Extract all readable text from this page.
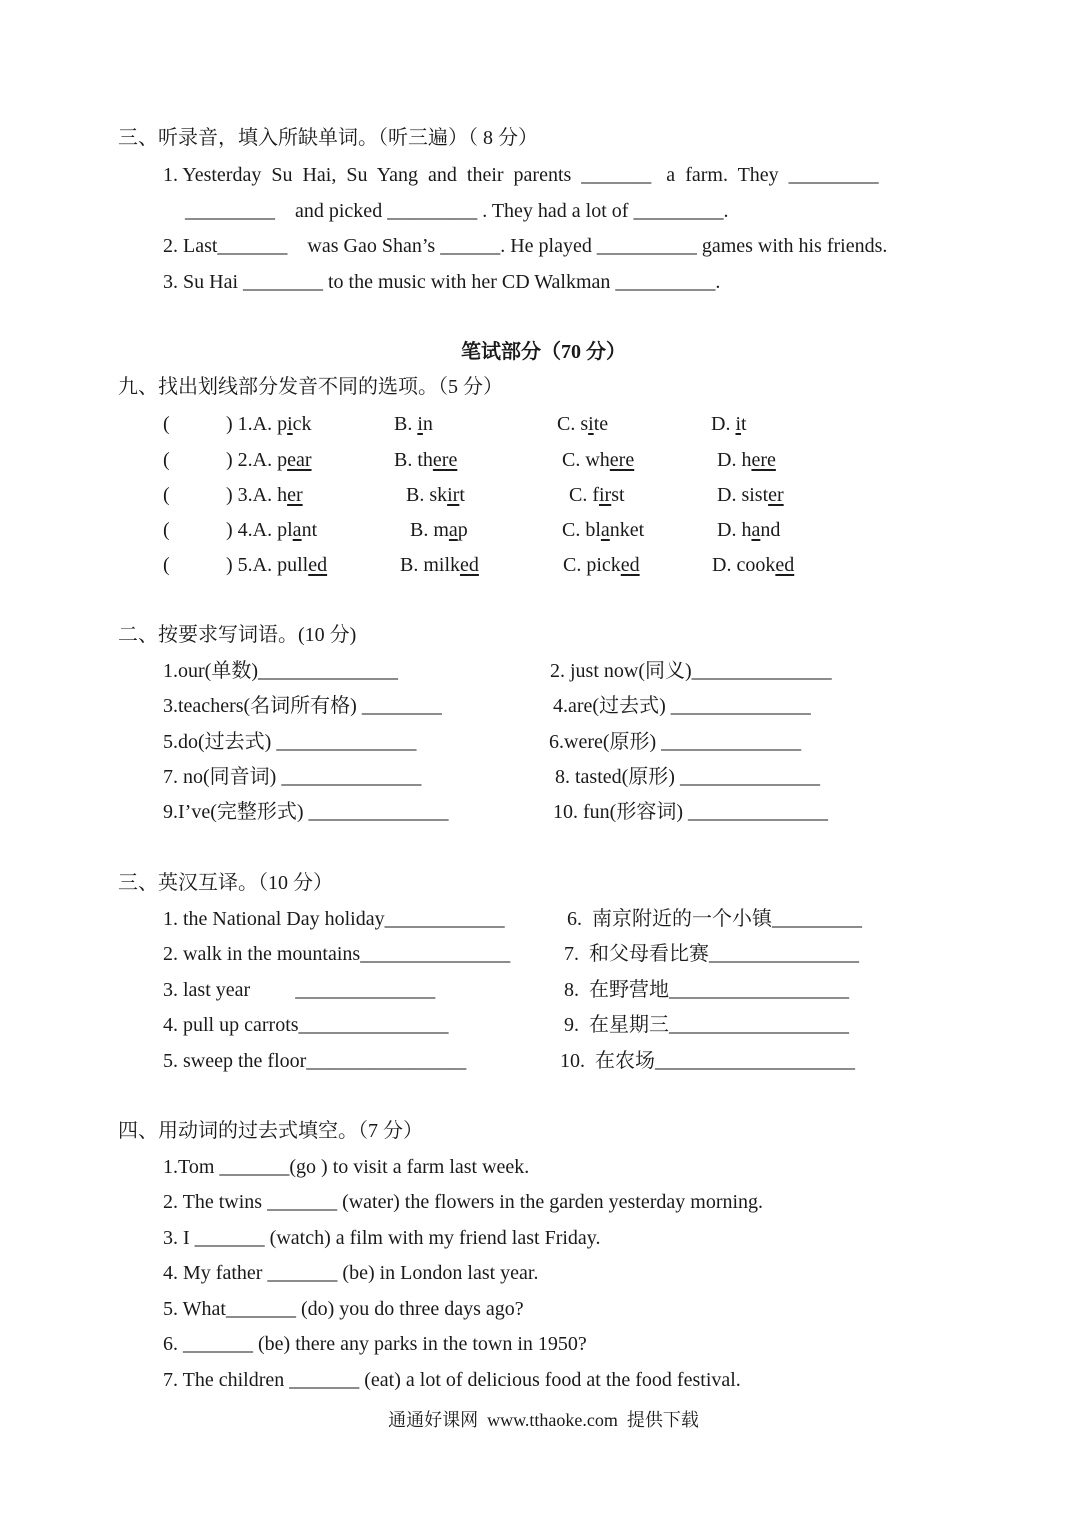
三、听录音，填入所缺单词。（听三遍）（ 8 分）
1. Yesterday  Su  Hai,  Su  Yang  and  their  parents  _______   a  farm.  They  _________
_________    and picked _________ . They had a lot of _________.
2. Last_______    was Gao Shan’s ______. He played __________ games with his friends.
3. Su Hai ________ to the music with her CD Walkman __________.
笔试部分（70 分）
九、找出划线部分发音不同的选项。（5 分）
(	) 1.A. pick	B. in	C. site	D. it
(	) 2.A. pear	B. there	C. where	D. here
(	) 3.A. her	B. skirt	C. first	D. sister
(	) 4.A. plant	B. map	C. blanket	D. hand
(	) 5.A. pulled	B. milked	C. picked	D. cooked
二、按要求写词语。(10 分)
1.our(单数)______________	2. just now(同义)______________
3.teachers(名词所有格) ________	4.are(过去式) ______________
5.do(过去式) ______________	6.were(原形) ______________
7. no(同音词) ______________	8. tasted(原形) ______________
9.I’ve(完整形式) ______________	10. fun(形容词) ______________
三、英汉互译。（10 分）
1. the National Day holiday____________	6.  南京附近的一个小镇_________
2. walk in the mountains_______________	7.  和父母看比赛_______________
3. last year         ______________	8.  在野营地__________________
4. pull up carrots_______________	9.  在星期三__________________
5. sweep the floor________________	10.  在农场____________________
四、用动词的过去式填空。（7 分）
1.Tom _______(go ) to visit a farm last week.
2. The twins _______ (water) the flowers in the garden yesterday morning.
3. I _______ (watch) a film with my friend last Friday.
4. My father _______ (be) in London last year.
5. What_______ (do) you do three days ago?
6. _______ (be) there any parks in the town in 1950?
7. The children _______ (eat) a lot of delicious food at the food festival.
通通好课网  www.tthaoke.com  提供下载
